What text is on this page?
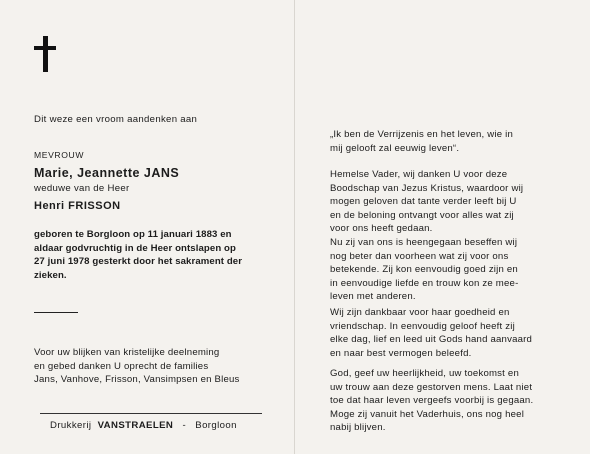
Dit weze een vroom aandenken aan
MEVROUW
Marie, Jeannette JANS
weduwe van de Heer
Henri FRISSON
geboren te Borgloon op 11 januari 1883 en
aldaar godvruchtig in de Heer ontslapen op
27 juni 1978 gesterkt door het sakrament der
zieken.
Voor uw blijken van kristelijke deelneming
en gebed danken U oprecht de families
Jans, Vanhove, Frisson, Vansimpsen en Bleus
Drukkerij VANSTRAELEN - Borgloon
„Ik ben de Verrijzenis en het leven, wie in
mij gelooft zal eeuwig leven“.
Hemelse Vader, wij danken U voor deze
Boodschap van Jezus Kristus, waardoor wij
mogen geloven dat tante verder leeft bij U
en de beloning ontvangt voor alles wat zij
voor ons heeft gedaan.
Nu zij van ons is heengegaan beseffen wij
nog beter dan voorheen wat zij voor ons
betekende. Zij kon eenvoudig goed zijn en
in eenvoudige liefde en trouw kon ze mee-
leven met anderen.
Wij zijn dankbaar voor haar goedheid en
vriendschap. In eenvoudig geloof heeft zij
elke dag, lief en leed uit Gods hand aanvaard
en naar best vermogen beleefd.
God, geef uw heerlijkheid, uw toekomst en
uw trouw aan deze gestorven mens. Laat niet
toe dat haar leven vergeefs voorbij is gegaan.
Moge zij vanuit het Vaderhuis, ons nog heel
nabij blijven.
